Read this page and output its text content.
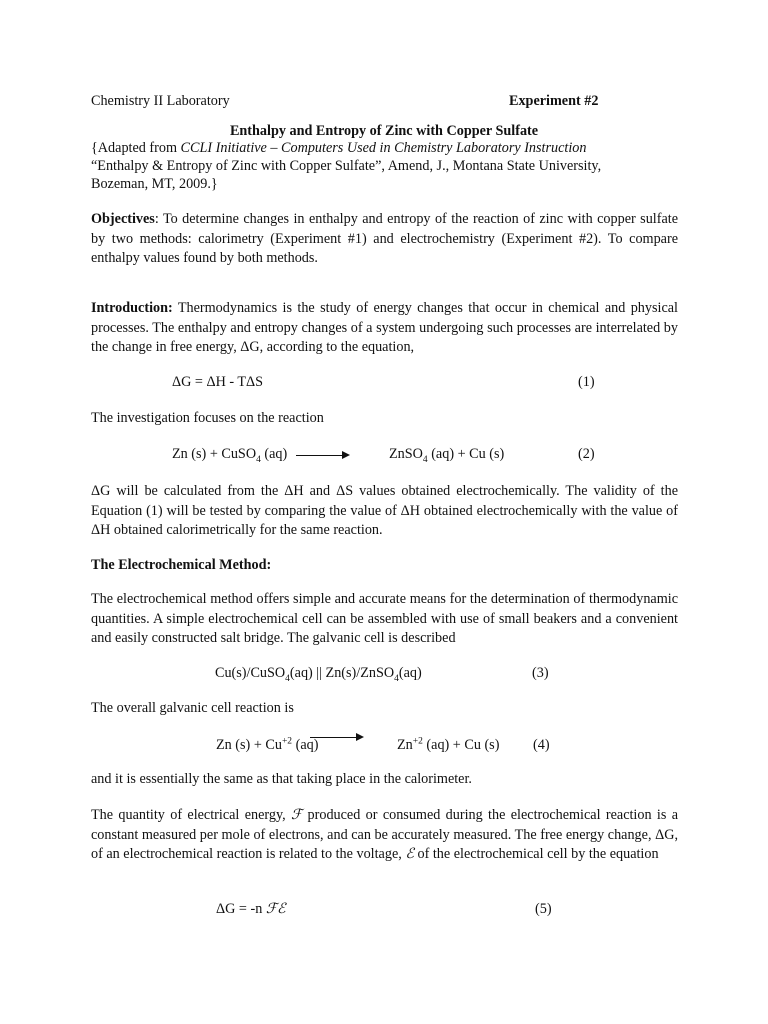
Chemistry II Laboratory	Experiment #2
Enthalpy and Entropy of Zinc with Copper Sulfate
{Adapted from CCLI Initiative – Computers Used in Chemistry Laboratory Instruction
“Enthalpy & Entropy of Zinc with Copper Sulfate”, Amend, J., Montana State University,
Bozeman, MT, 2009.}
Objectives: To determine changes in enthalpy and entropy of the reaction of zinc with copper sulfate by two methods: calorimetry (Experiment #1) and electrochemistry (Experiment #2). To compare enthalpy values found by both methods.
Introduction: Thermodynamics is the study of energy changes that occur in chemical and physical processes. The enthalpy and entropy changes of a system undergoing such processes are interrelated by the change in free energy, ΔG, according to the equation,
ΔG = ΔH - TΔS	(1)
The investigation focuses on the reaction
Zn (s) + CuSO$_4$ (aq) →	ZnSO$_4$ (aq) + Cu (s)	(2)
ΔG will be calculated from the ΔH and ΔS values obtained electrochemically. The validity of the Equation (1) will be tested by comparing the value of ΔH obtained electrochemically with the value of ΔH obtained calorimetrically for the same reaction.
The Electrochemical Method:
The electrochemical method offers simple and accurate means for the determination of thermodynamic quantities. A simple electrochemical cell can be assembled with use of small beakers and a convenient and easily constructed salt bridge. The galvanic cell is described
Cu(s)/CuSO$_4$(aq) || Zn(s)/ZnSO$_4$(aq)	(3)
The overall galvanic cell reaction is
Zn $(s) + Cu^{+2}$ (aq)	$Zn^{+2}$ (aq) + Cu (s) (4)
and it is essentially the same as that taking place in the calorimeter.
The quantity of electrical energy, ℱ produced or consumed during the electrochemical reaction is a constant measured per mole of electrons, and can be accurately measured. The free energy change, ΔG, of an electrochemical reaction is related to the voltage, ℰ of the electrochemical cell by the equation
ΔG = -n ℱℰ	(5)
